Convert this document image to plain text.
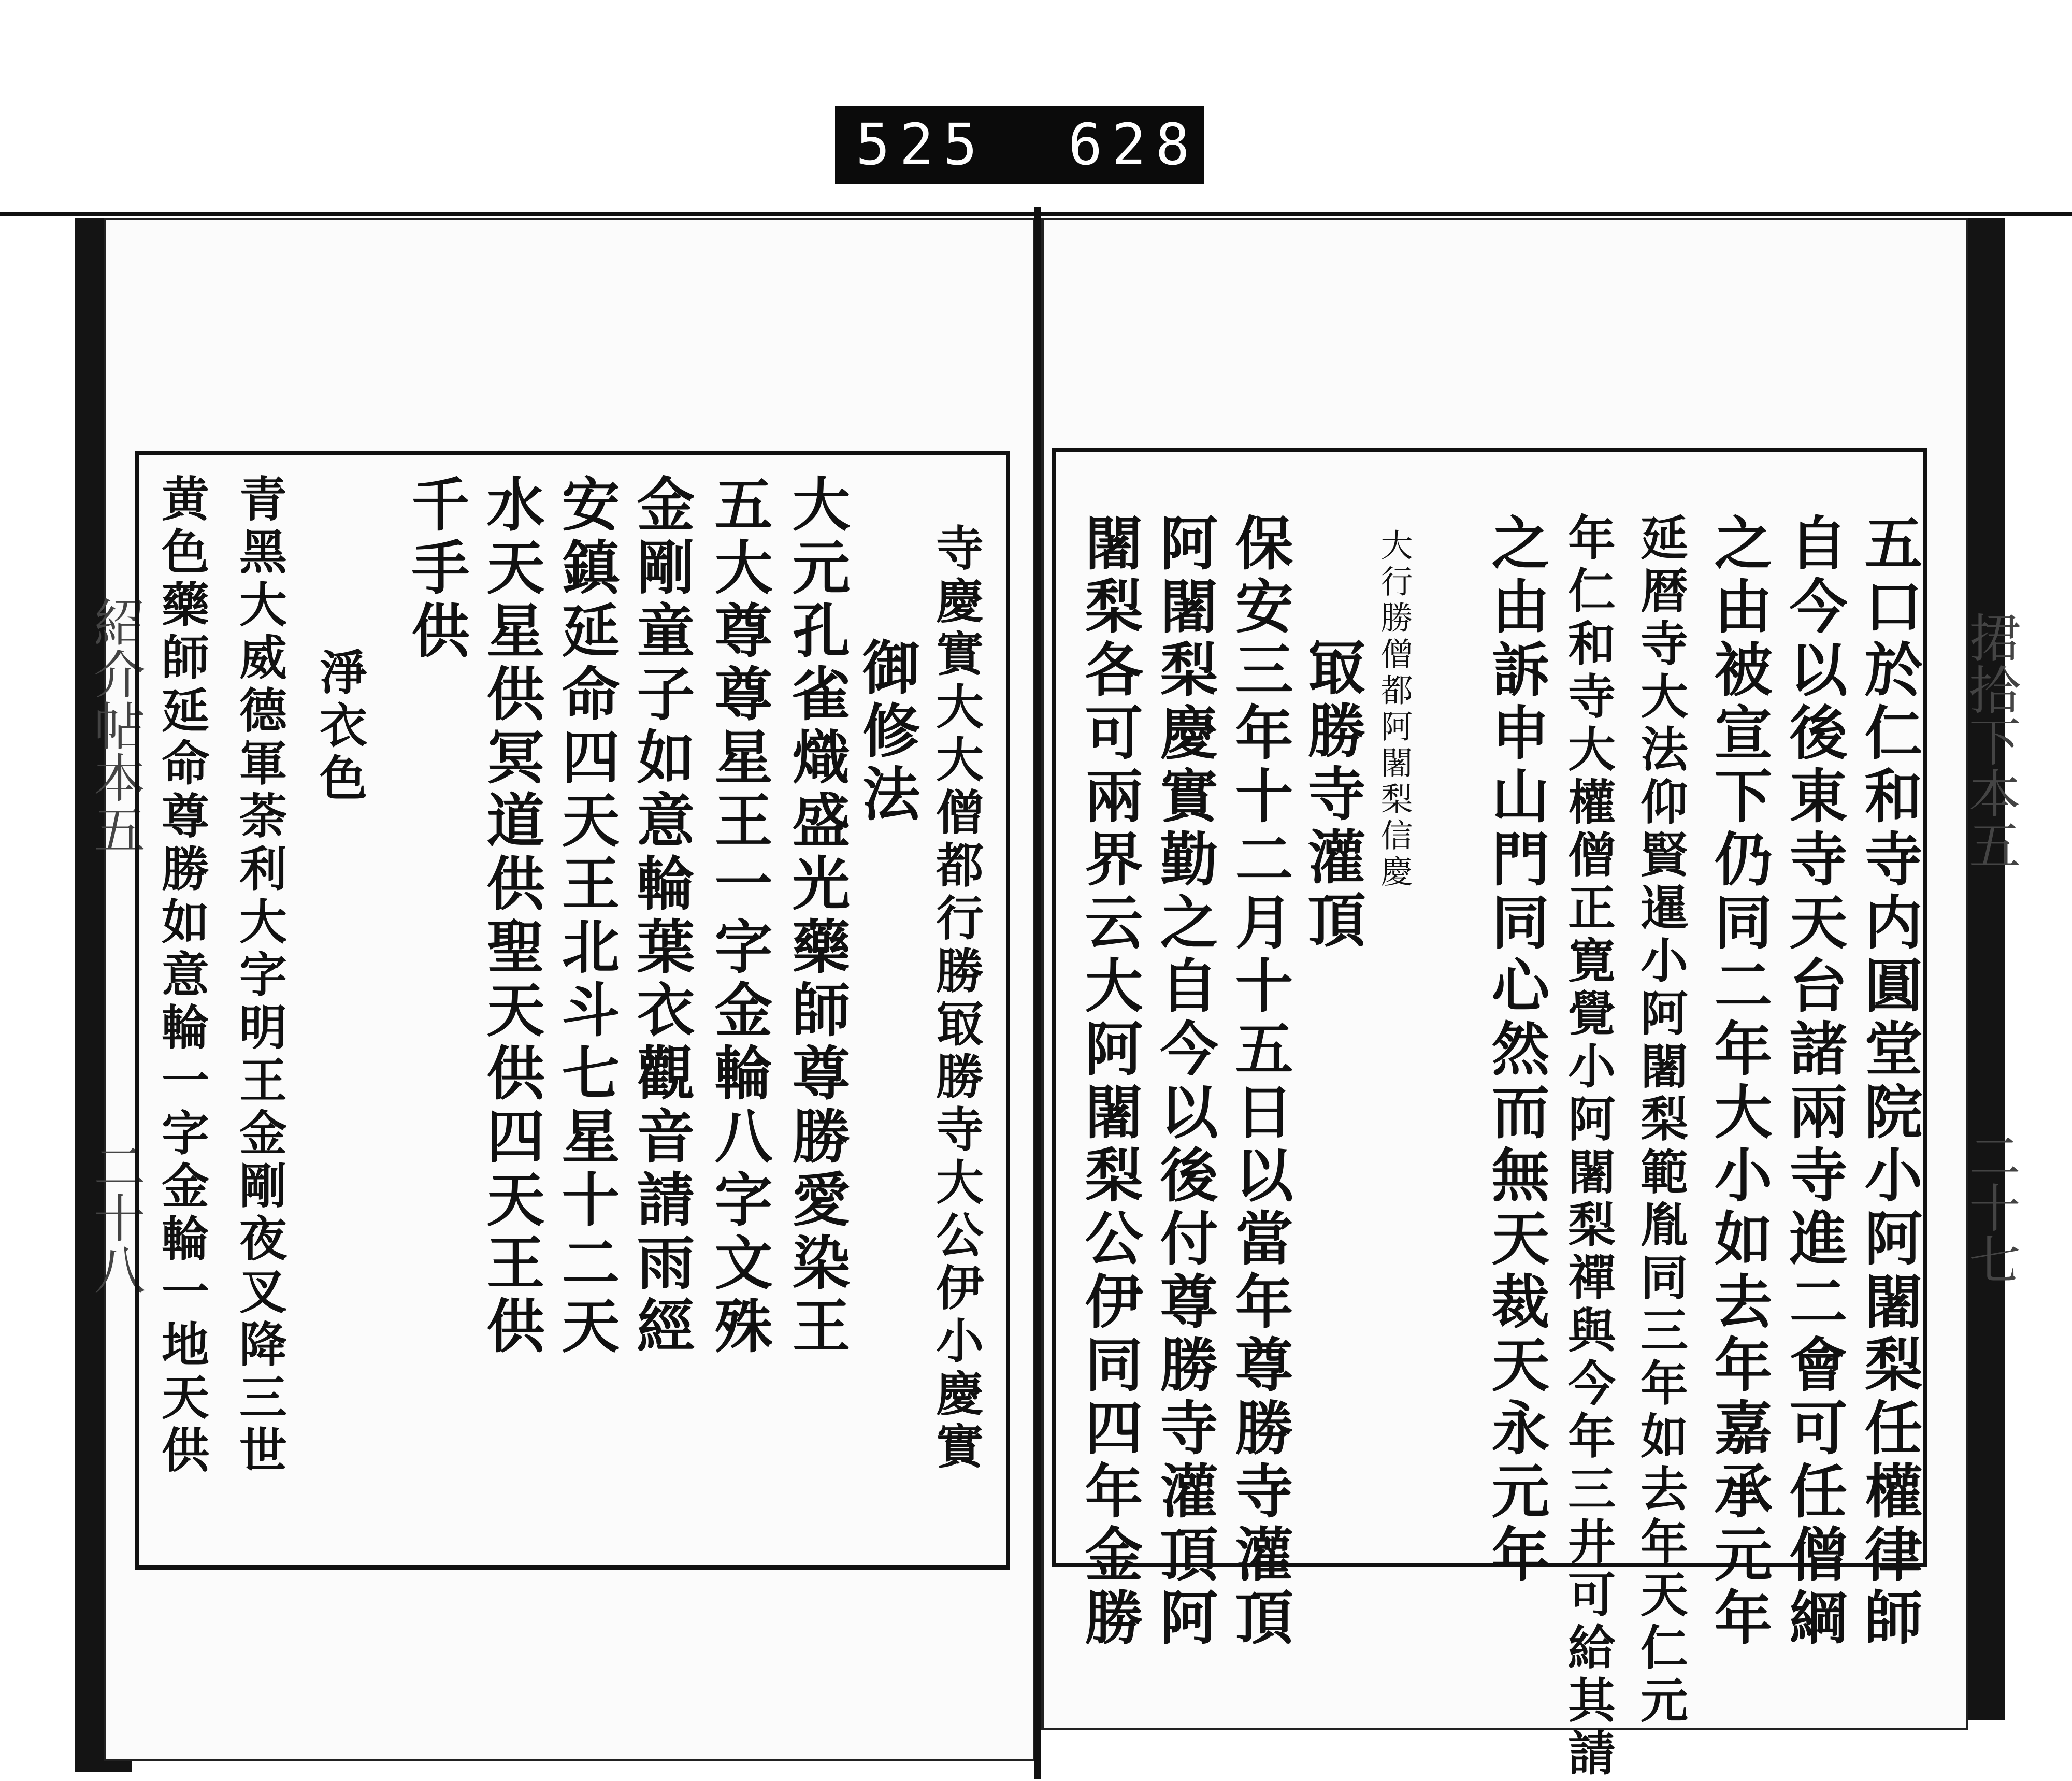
525 628
紹介帖本五
二十八
捃拾下本五
二十七
五口於仁和寺内圓堂院小阿闍梨任權律師
自今以後東寺天台諸兩寺進二會可任僧綱
之由被宣下仍同二年大小如去年嘉承元年
延暦寺大法仰賢暹小阿闍梨範胤同三年如去年天仁元
年仁和寺大權僧正寛覺小阿闍梨禪與今年三井可給其請
之由訴申山門同心然而無天裁天永元年
大行勝僧都阿闍梨信慶
冣勝寺灌頂
保安三年十二月十五日以當年尊勝寺灌頂
阿闍梨慶實勤之自今以後付尊勝寺灌頂阿
闍梨各可兩界云大阿闍梨公伊同四年金勝
寺慶實大大僧都行勝冣勝寺大公伊小慶實
御修法
大元孔雀熾盛光藥師尊勝愛染王
五大尊尊星王一字金輪八字文殊
金剛童子如意輪葉衣觀音請雨經
安鎮延命四天王北斗七星十二天
水天星供冥道供聖天供四天王供
千手供
淨衣色
青黑大威德軍荼利大字明王金剛夜叉降三世
黄色藥師延命尊勝如意輪一字金輪一地天供
